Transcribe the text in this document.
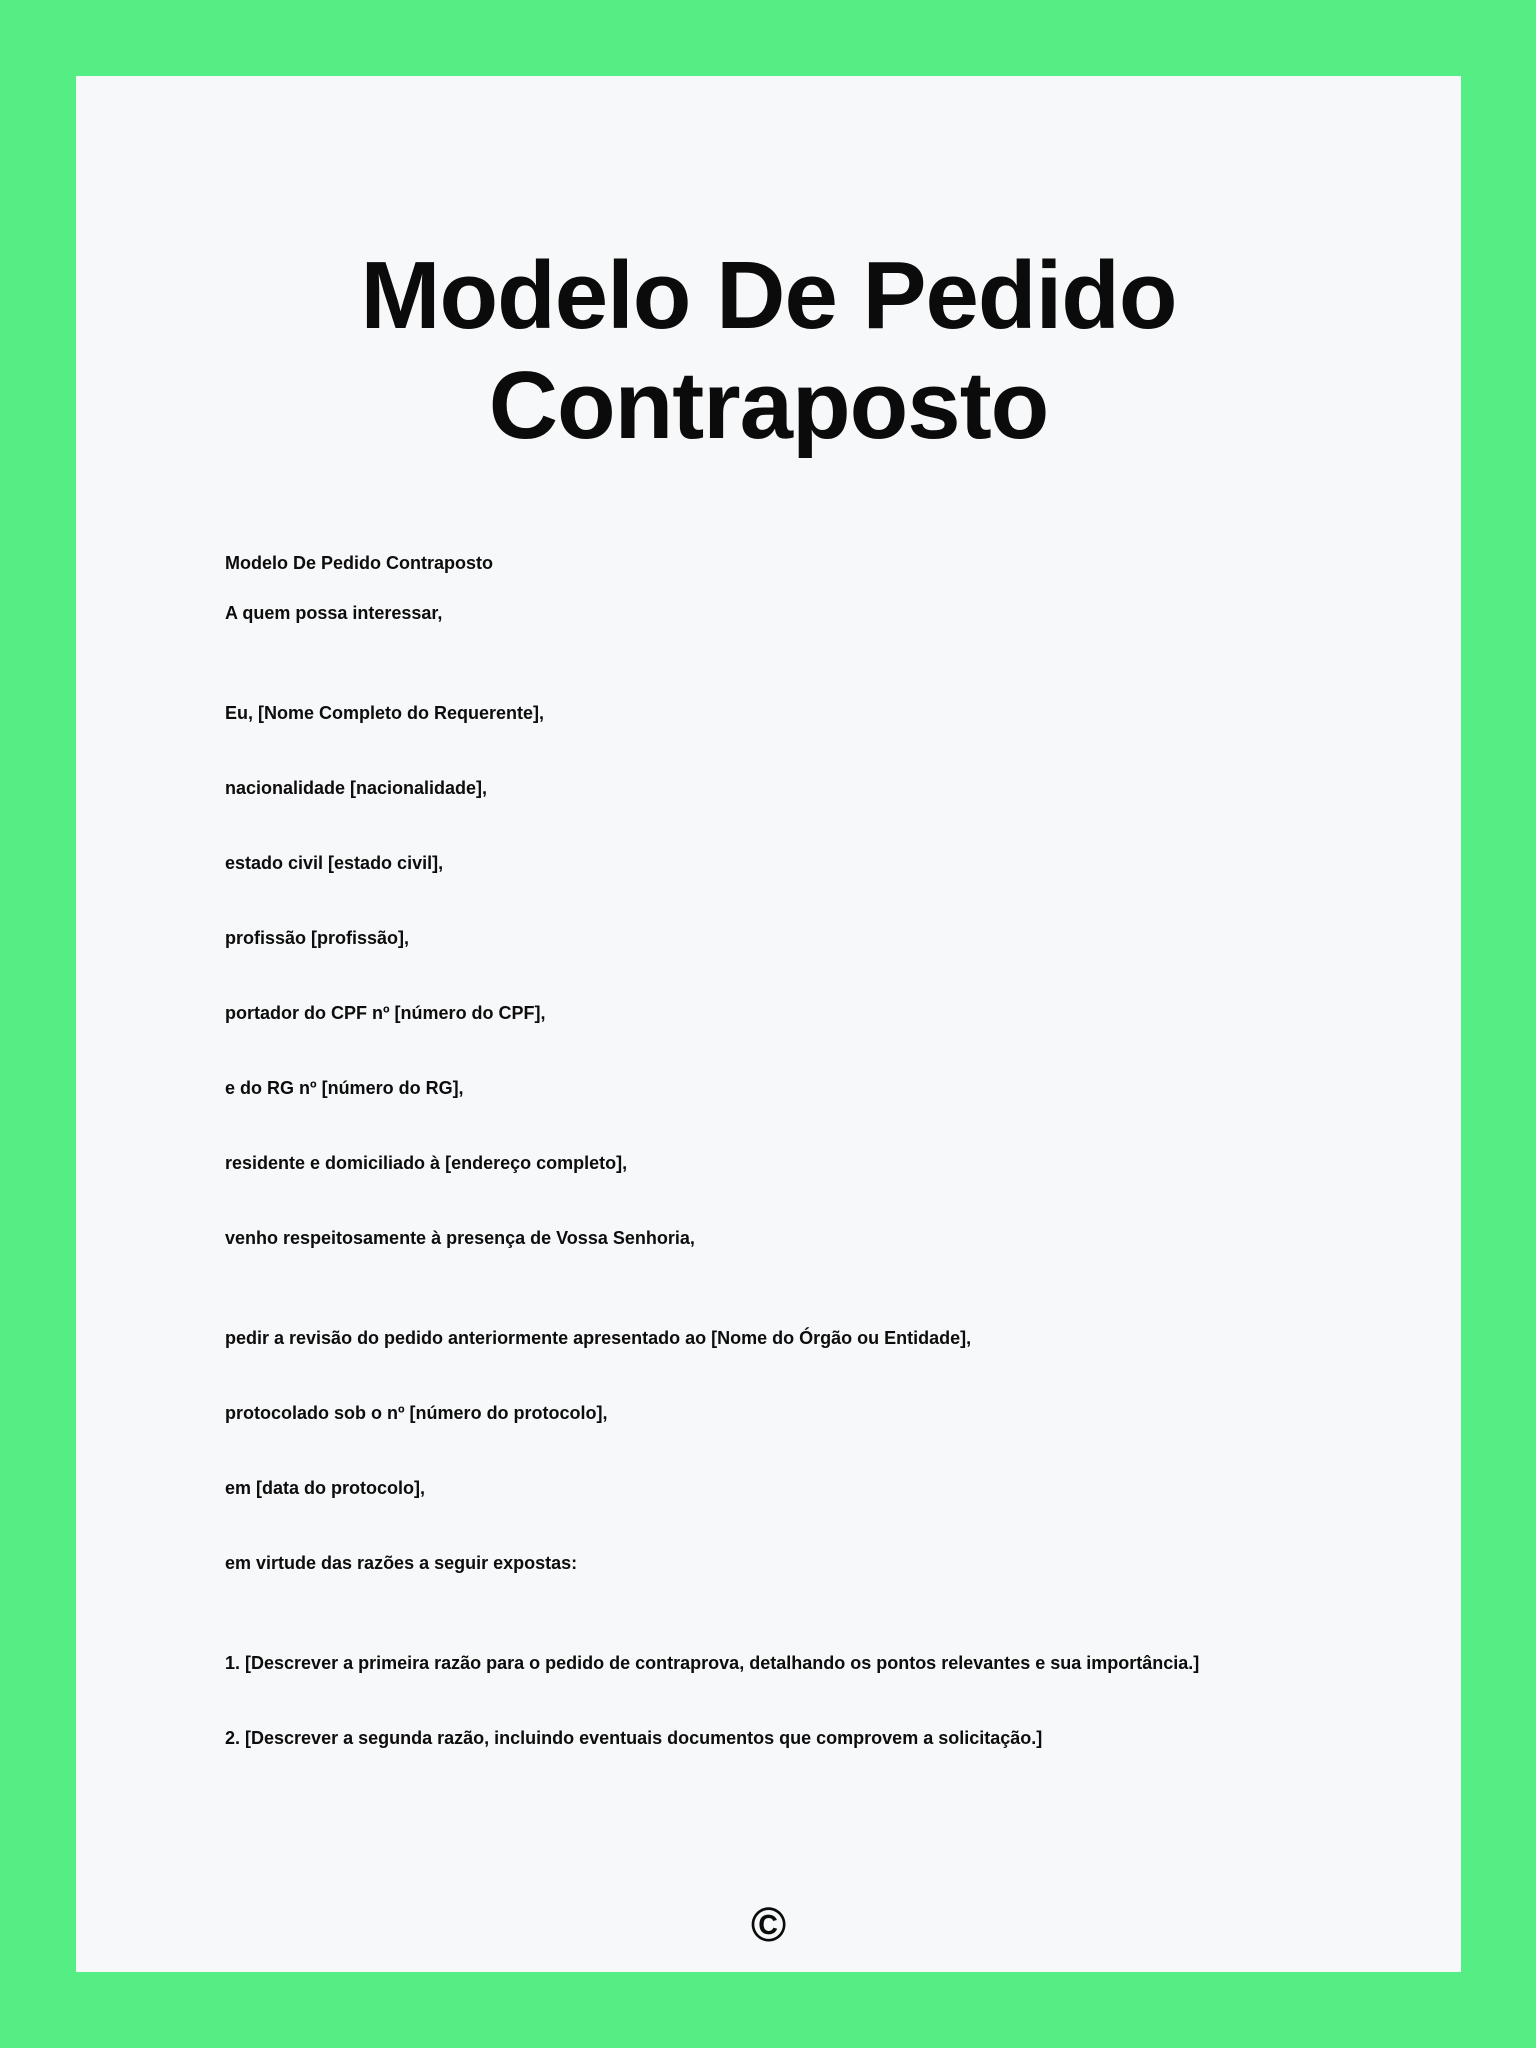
Modelo De Pedido Contraposto

Modelo De Pedido Contraposto

A quem possa interessar,

Eu, [Nome Completo do Requerente],

nacionalidade [nacionalidade],

estado civil [estado civil],

profissão [profissão],

portador do CPF nº [número do CPF],

e do RG nº [número do RG],

residente e domiciliado à [endereço completo],

venho respeitosamente à presença de Vossa Senhoria,

pedir a revisão do pedido anteriormente apresentado ao [Nome do Órgão ou Entidade],

protocolado sob o nº [número do protocolo],

em [data do protocolo],

em virtude das razões a seguir expostas:

1. [Descrever a primeira razão para o pedido de contraprova, detalhando os pontos relevantes e sua importância.]

2. [Descrever a segunda razão, incluindo eventuais documentos que comprovem a solicitação.]

©
